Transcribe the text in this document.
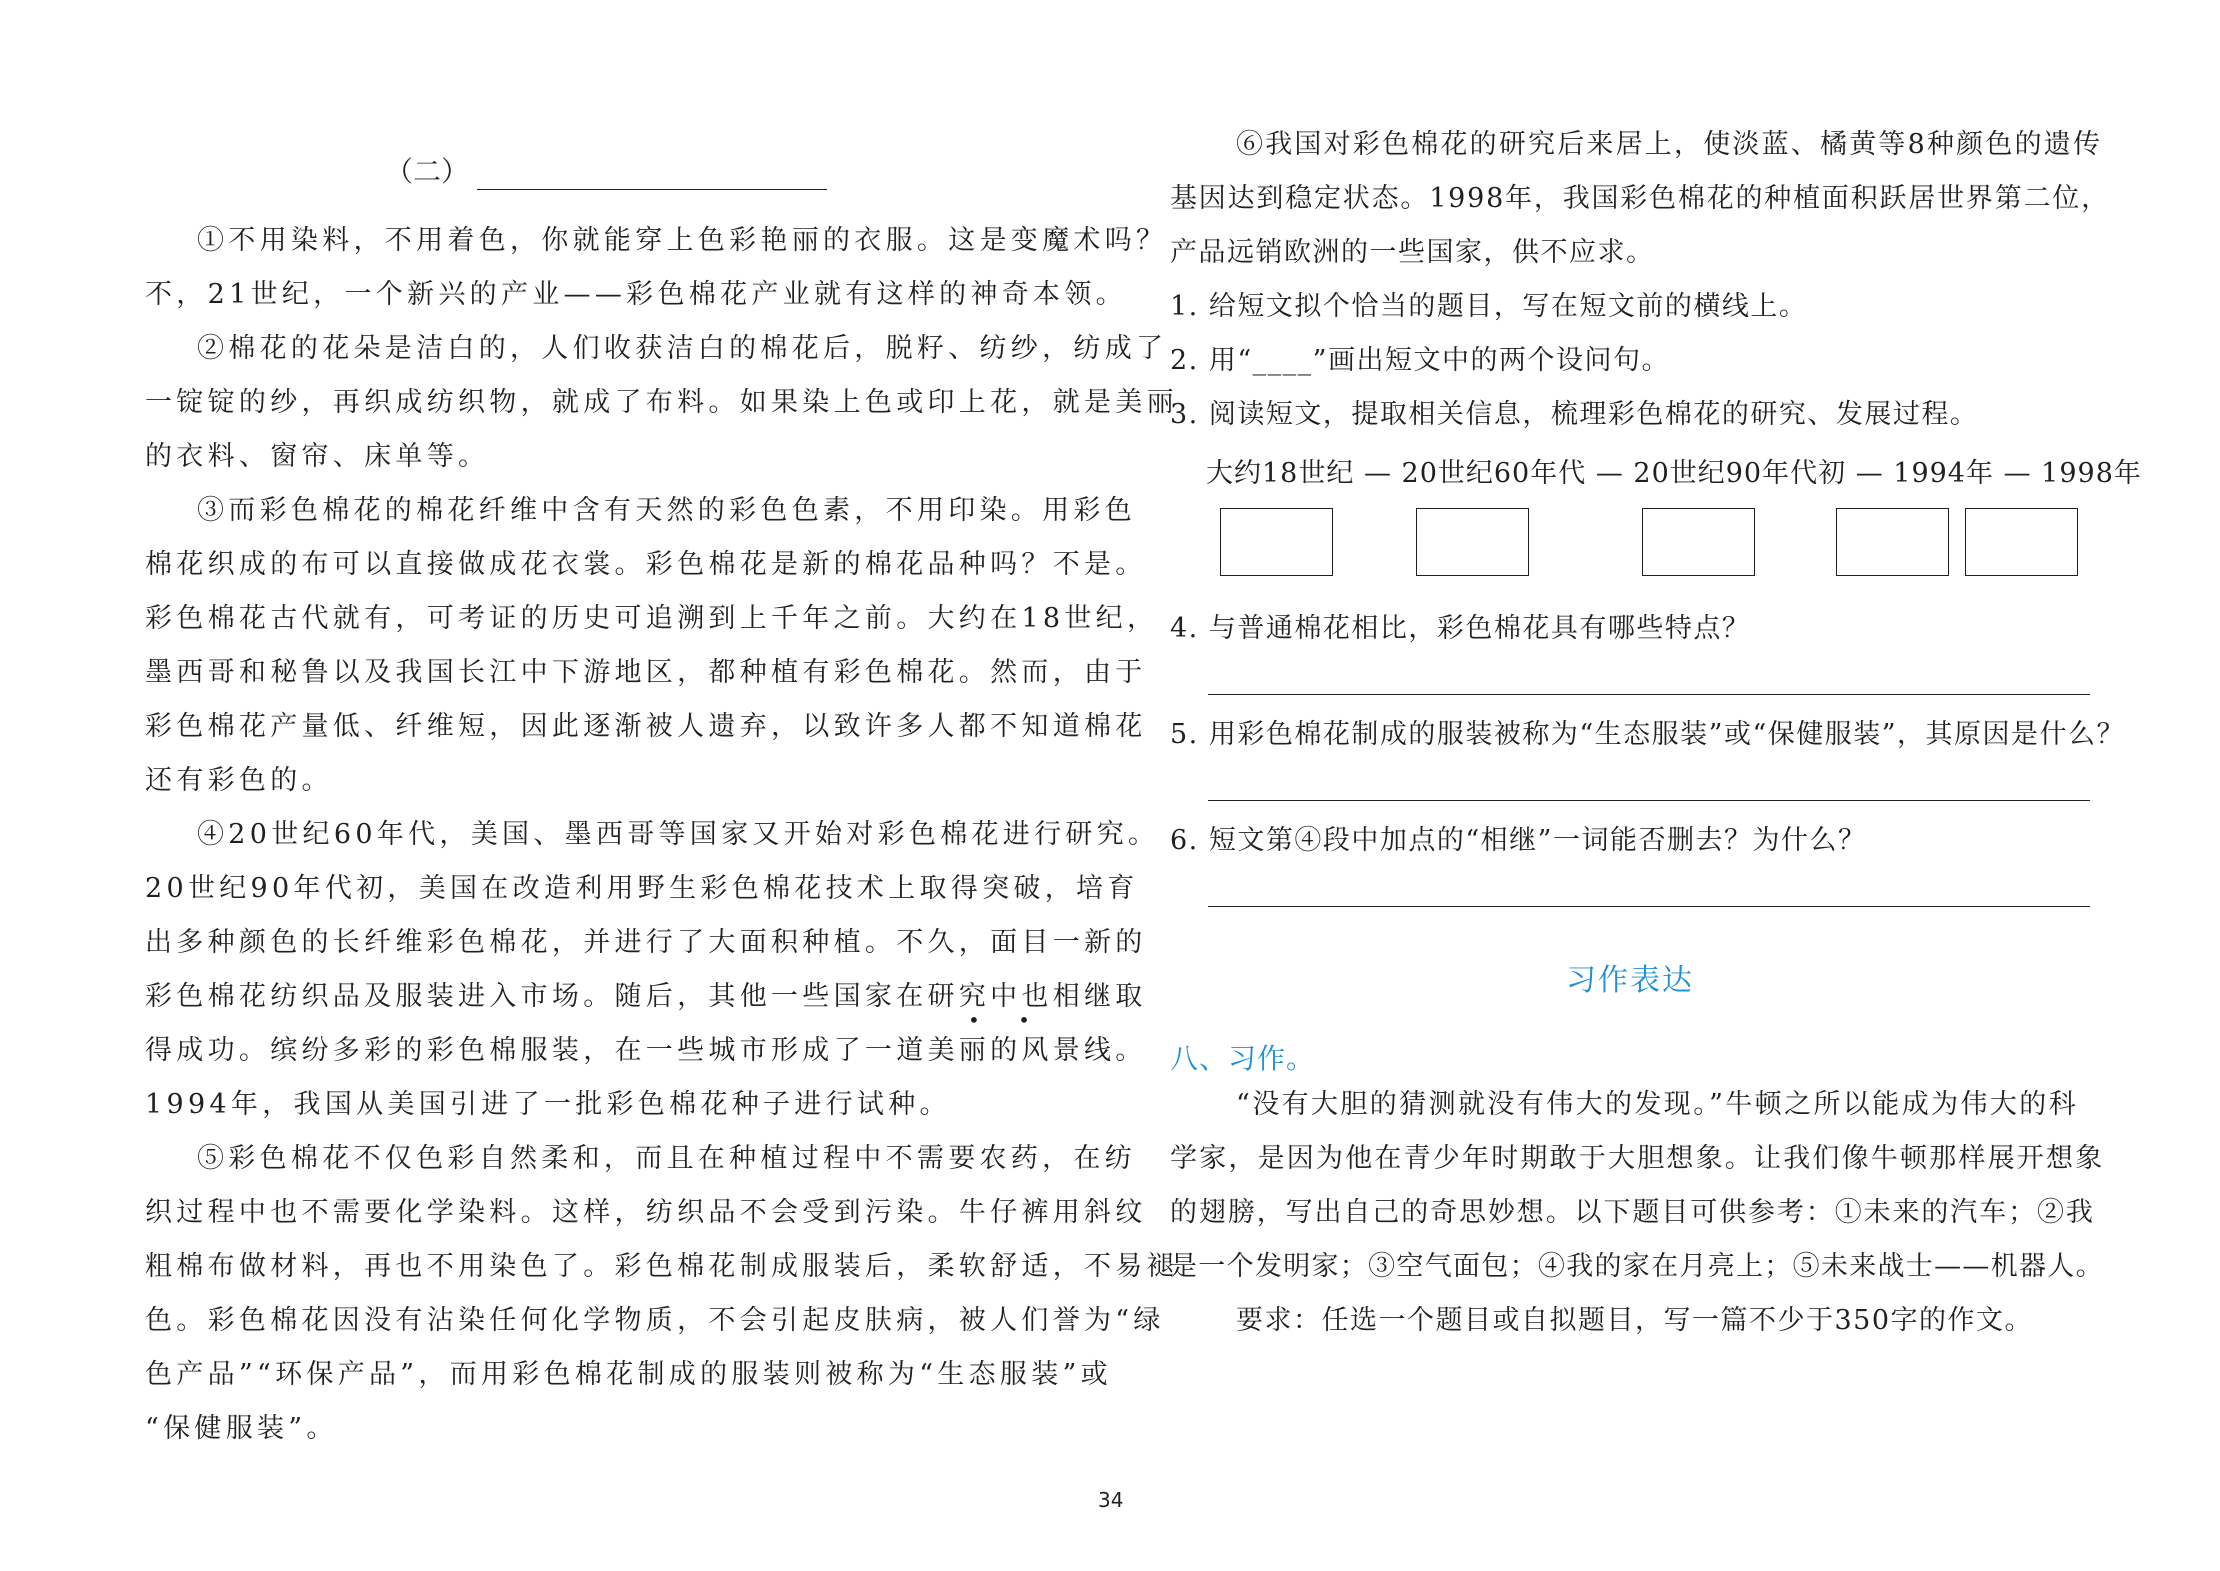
（二）
①不用染料，不用着色，你就能穿上色彩艳丽的衣服。这是变魔术吗？
不，21世纪，一个新兴的产业——彩色棉花产业就有这样的神奇本领。
②棉花的花朵是洁白的，人们收获洁白的棉花后，脱籽、纺纱，纺成了
一锭锭的纱，再织成纺织物，就成了布料。如果染上色或印上花，就是美丽
的衣料、窗帘、床单等。
③而彩色棉花的棉花纤维中含有天然的彩色色素，不用印染。用彩色
棉花织成的布可以直接做成花衣裳。彩色棉花是新的棉花品种吗？不是。
彩色棉花古代就有，可考证的历史可追溯到上千年之前。大约在18世纪，
墨西哥和秘鲁以及我国长江中下游地区，都种植有彩色棉花。然而，由于
彩色棉花产量低、纤维短，因此逐渐被人遗弃，以致许多人都不知道棉花
还有彩色的。
④20世纪60年代，美国、墨西哥等国家又开始对彩色棉花进行研究。
20世纪90年代初，美国在改造利用野生彩色棉花技术上取得突破，培育
出多种颜色的长纤维彩色棉花，并进行了大面积种植。不久，面目一新的
彩色棉花纺织品及服装进入市场。随后，其他一些国家在研究中也相继取
• •
得成功。缤纷多彩的彩色棉服装，在一些城市形成了一道美丽的风景线。
1994年，我国从美国引进了一批彩色棉花种子进行试种。
⑤彩色棉花不仅色彩自然柔和，而且在种植过程中不需要农药，在纺
织过程中也不需要化学染料。这样，纺织品不会受到污染。牛仔裤用斜纹
粗棉布做材料，再也不用染色了。彩色棉花制成服装后，柔软舒适，不易褪
色。彩色棉花因没有沾染任何化学物质，不会引起皮肤病，被人们誉为“绿
色产品”“环保产品”，而用彩色棉花制成的服装则被称为“生态服装”或
“保健服装”。
⑥我国对彩色棉花的研究后来居上，使淡蓝、橘黄等8种颜色的遗传
基因达到稳定状态。1998年，我国彩色棉花的种植面积跃居世界第二位，
产品远销欧洲的一些国家，供不应求。
1. 给短文拟个恰当的题目，写在短文前的横线上。
2. 用“____”画出短文中的两个设问句。
3. 阅读短文，提取相关信息，梳理彩色棉花的研究、发展过程。
大约18世纪 — 20世纪60年代 — 20世纪90年代初 — 1994年 — 1998年
4. 与普通棉花相比，彩色棉花具有哪些特点？
5. 用彩色棉花制成的服装被称为“生态服装”或“保健服装”，其原因是什么？
6. 短文第④段中加点的“相继”一词能否删去？为什么？
习作表达
八、习作。
“没有大胆的猜测就没有伟大的发现。”牛顿之所以能成为伟大的科
学家，是因为他在青少年时期敢于大胆想象。让我们像牛顿那样展开想象
的翅膀，写出自己的奇思妙想。以下题目可供参考：①未来的汽车；②我
是一个发明家；③空气面包；④我的家在月亮上；⑤未来战士——机器人。
要求：任选一个题目或自拟题目，写一篇不少于350字的作文。
34
